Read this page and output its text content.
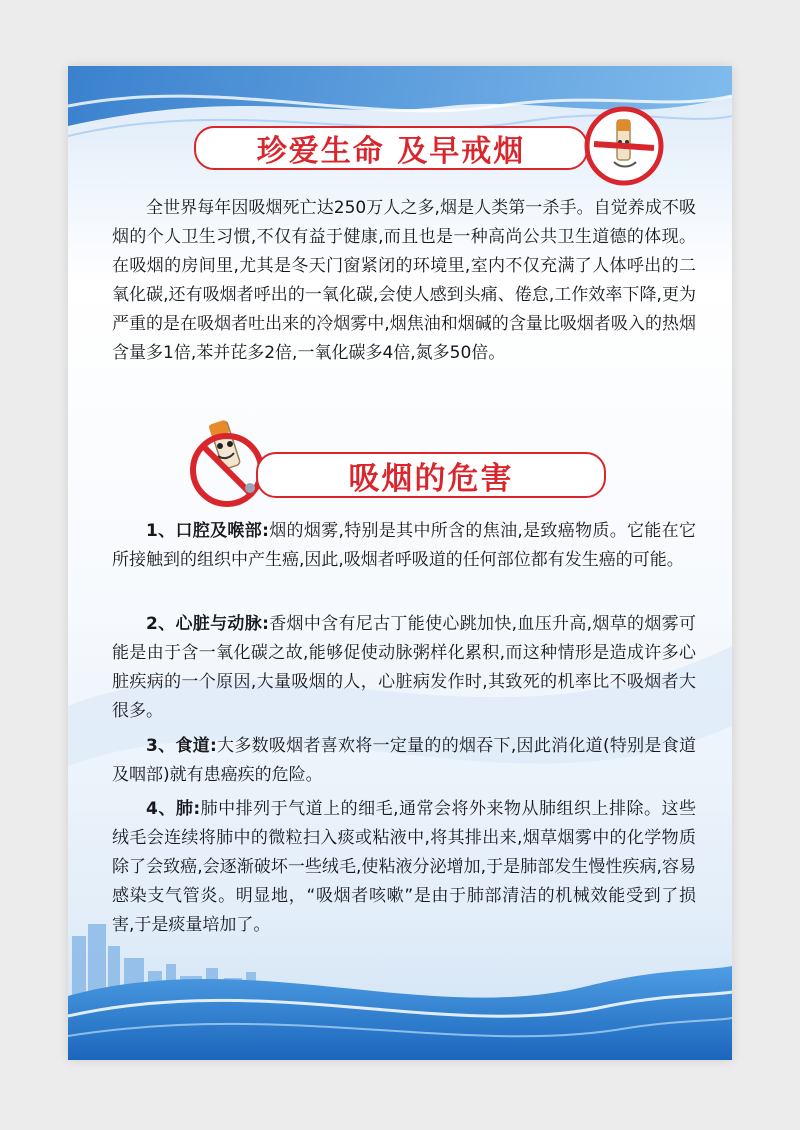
珍爱生命 及早戒烟

全世界每年因吸烟死亡达250万人之多,烟是人类第一杀手。自觉养成不吸烟的个人卫生习惯,不仅有益于健康,而且也是一种高尚公共卫生道德的体现。在吸烟的房间里,尤其是冬天门窗紧闭的环境里,室内不仅充满了人体呼出的二氧化碳,还有吸烟者呼出的一氧化碳,会使人感到头痛、倦怠,工作效率下降,更为严重的是在吸烟者吐出来的冷烟雾中,烟焦油和烟碱的含量比吸烟者吸入的热烟含量多1倍,苯并芘多2倍,一氧化碳多4倍,氮多50倍。

吸烟的危害

1、口腔及喉部:烟的烟雾,特别是其中所含的焦油,是致癌物质。它能在它所接触到的组织中产生癌,因此,吸烟者呼吸道的任何部位都有发生癌的可能。

2、心脏与动脉:香烟中含有尼古丁能使心跳加快,血压升高,烟草的烟雾可能是由于含一氧化碳之故,能够促使动脉粥样化累积,而这种情形是造成许多心脏疾病的一个原因,大量吸烟的人，心脏病发作时,其致死的机率比不吸烟者大很多。

3、食道:大多数吸烟者喜欢将一定量的的烟吞下,因此消化道(特别是食道及咽部)就有患癌疾的危险。

4、肺:肺中排列于气道上的细毛,通常会将外来物从肺组织上排除。这些绒毛会连续将肺中的微粒扫入痰或粘液中,将其排出来,烟草烟雾中的化学物质除了会致癌,会逐渐破坏一些绒毛,使粘液分泌增加,于是肺部发生慢性疾病,容易感染支气管炎。明显地，“吸烟者咳嗽”是由于肺部清洁的机械效能受到了损害,于是痰量培加了。
